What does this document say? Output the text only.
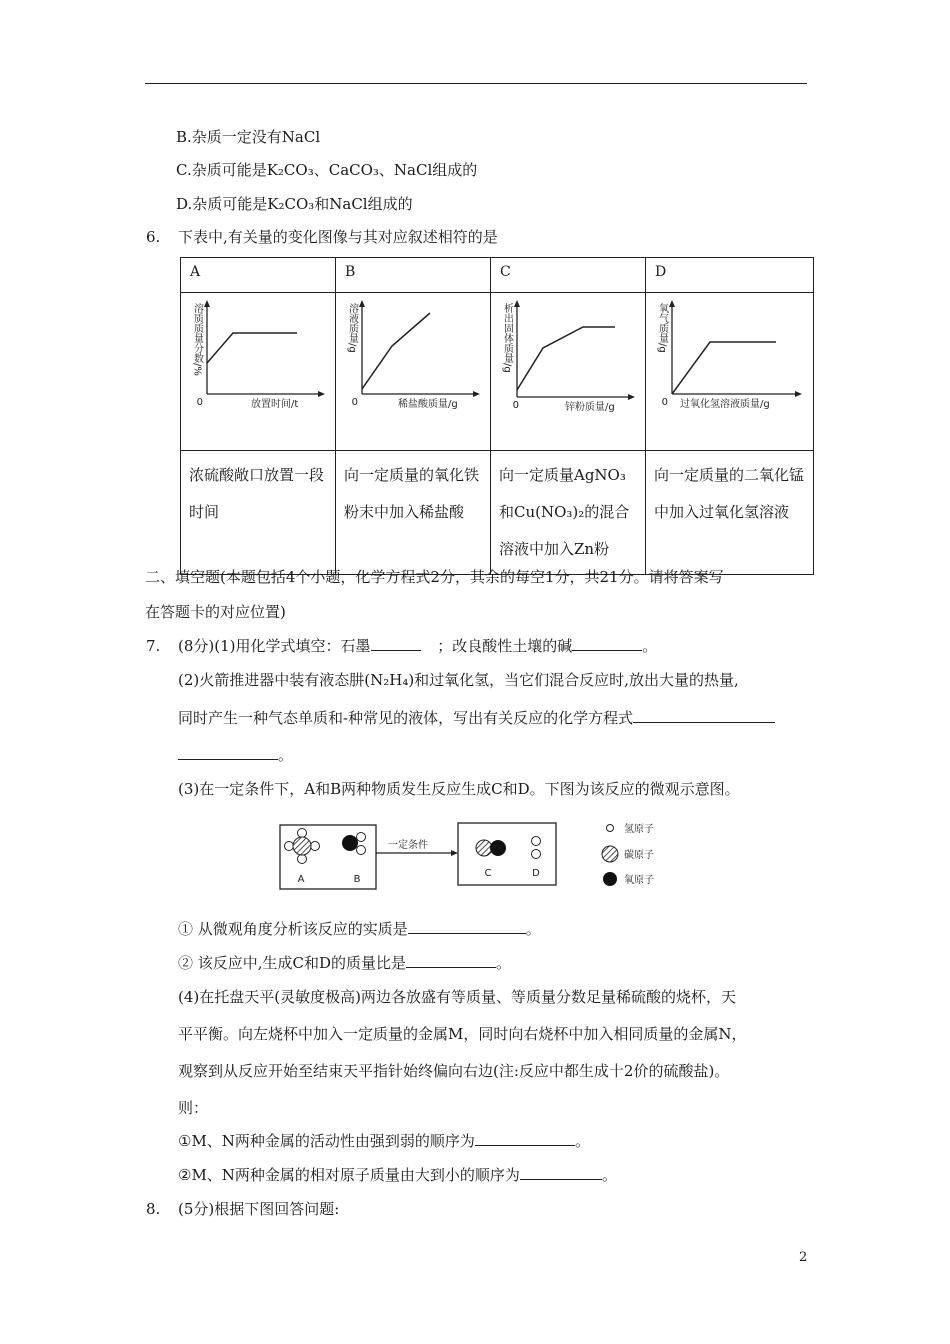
B.杂质一定没有NaCl
C.杂质可能是K₂CO₃、CaCO₃、NaCl组成的
D.杂质可能是K₂CO₃和NaCl组成的
6. 下表中,有关量的变化图像与其对应叙述相符的是
A	B	C	D

0
溶质质量分数/%
放置时间/t	0
溶液质量/g
稀盐酸质量/g	0
析出固体质量/g
锌粉质量/g	0
氧气质量/g
过氧化氢溶液质量/g

浓硫酸敞口放置一段时间	向一定质量的氧化铁粉末中加入稀盐酸	向一定质量AgNO₃和Cu(NO₃)₂的混合溶液中加入Zn粉	向一定质量的二氧化锰中加入过氧化氢溶液
二、填空题(本题包括4个小题，化学方程式2分，其余的每空1分，共21分。请将答案写
在答题卡的对应位置)
7. (8分)(1)用化学式填空：石墨	；改良酸性土壤的碱	。
(2)火箭推进器中装有液态肼(N₂H₄)和过氧化氢，当它们混合反应时,放出大量的热量,
同时产生一种气态单质和-种常见的液体，写出有关反应的化学方程式
。
(3)在一定条件下，A和B两种物质发生反应生成C和D。下图为该反应的微观示意图。
A	B
一定条件
C	D
氢原子
碳原子
氧原子
① 从微观角度分析该反应的实质是	。
② 该反应中,生成C和D的质量比是	。
(4)在托盘天平(灵敏度极高)两边各放盛有等质量、等质量分数足量稀硫酸的烧杯，天
平平衡。向左烧杯中加入一定质量的金属M，同时向右烧杯中加入相同质量的金属N，
观察到从反应开始至结束天平指针始终偏向右边(注:反应中都生成十2价的硫酸盐)。
则：
①M、N两种金属的活动性由强到弱的顺序为	。
②M、N两种金属的相对原子质量由大到小的顺序为	。
8. (5分)根据下图回答问题:
2
